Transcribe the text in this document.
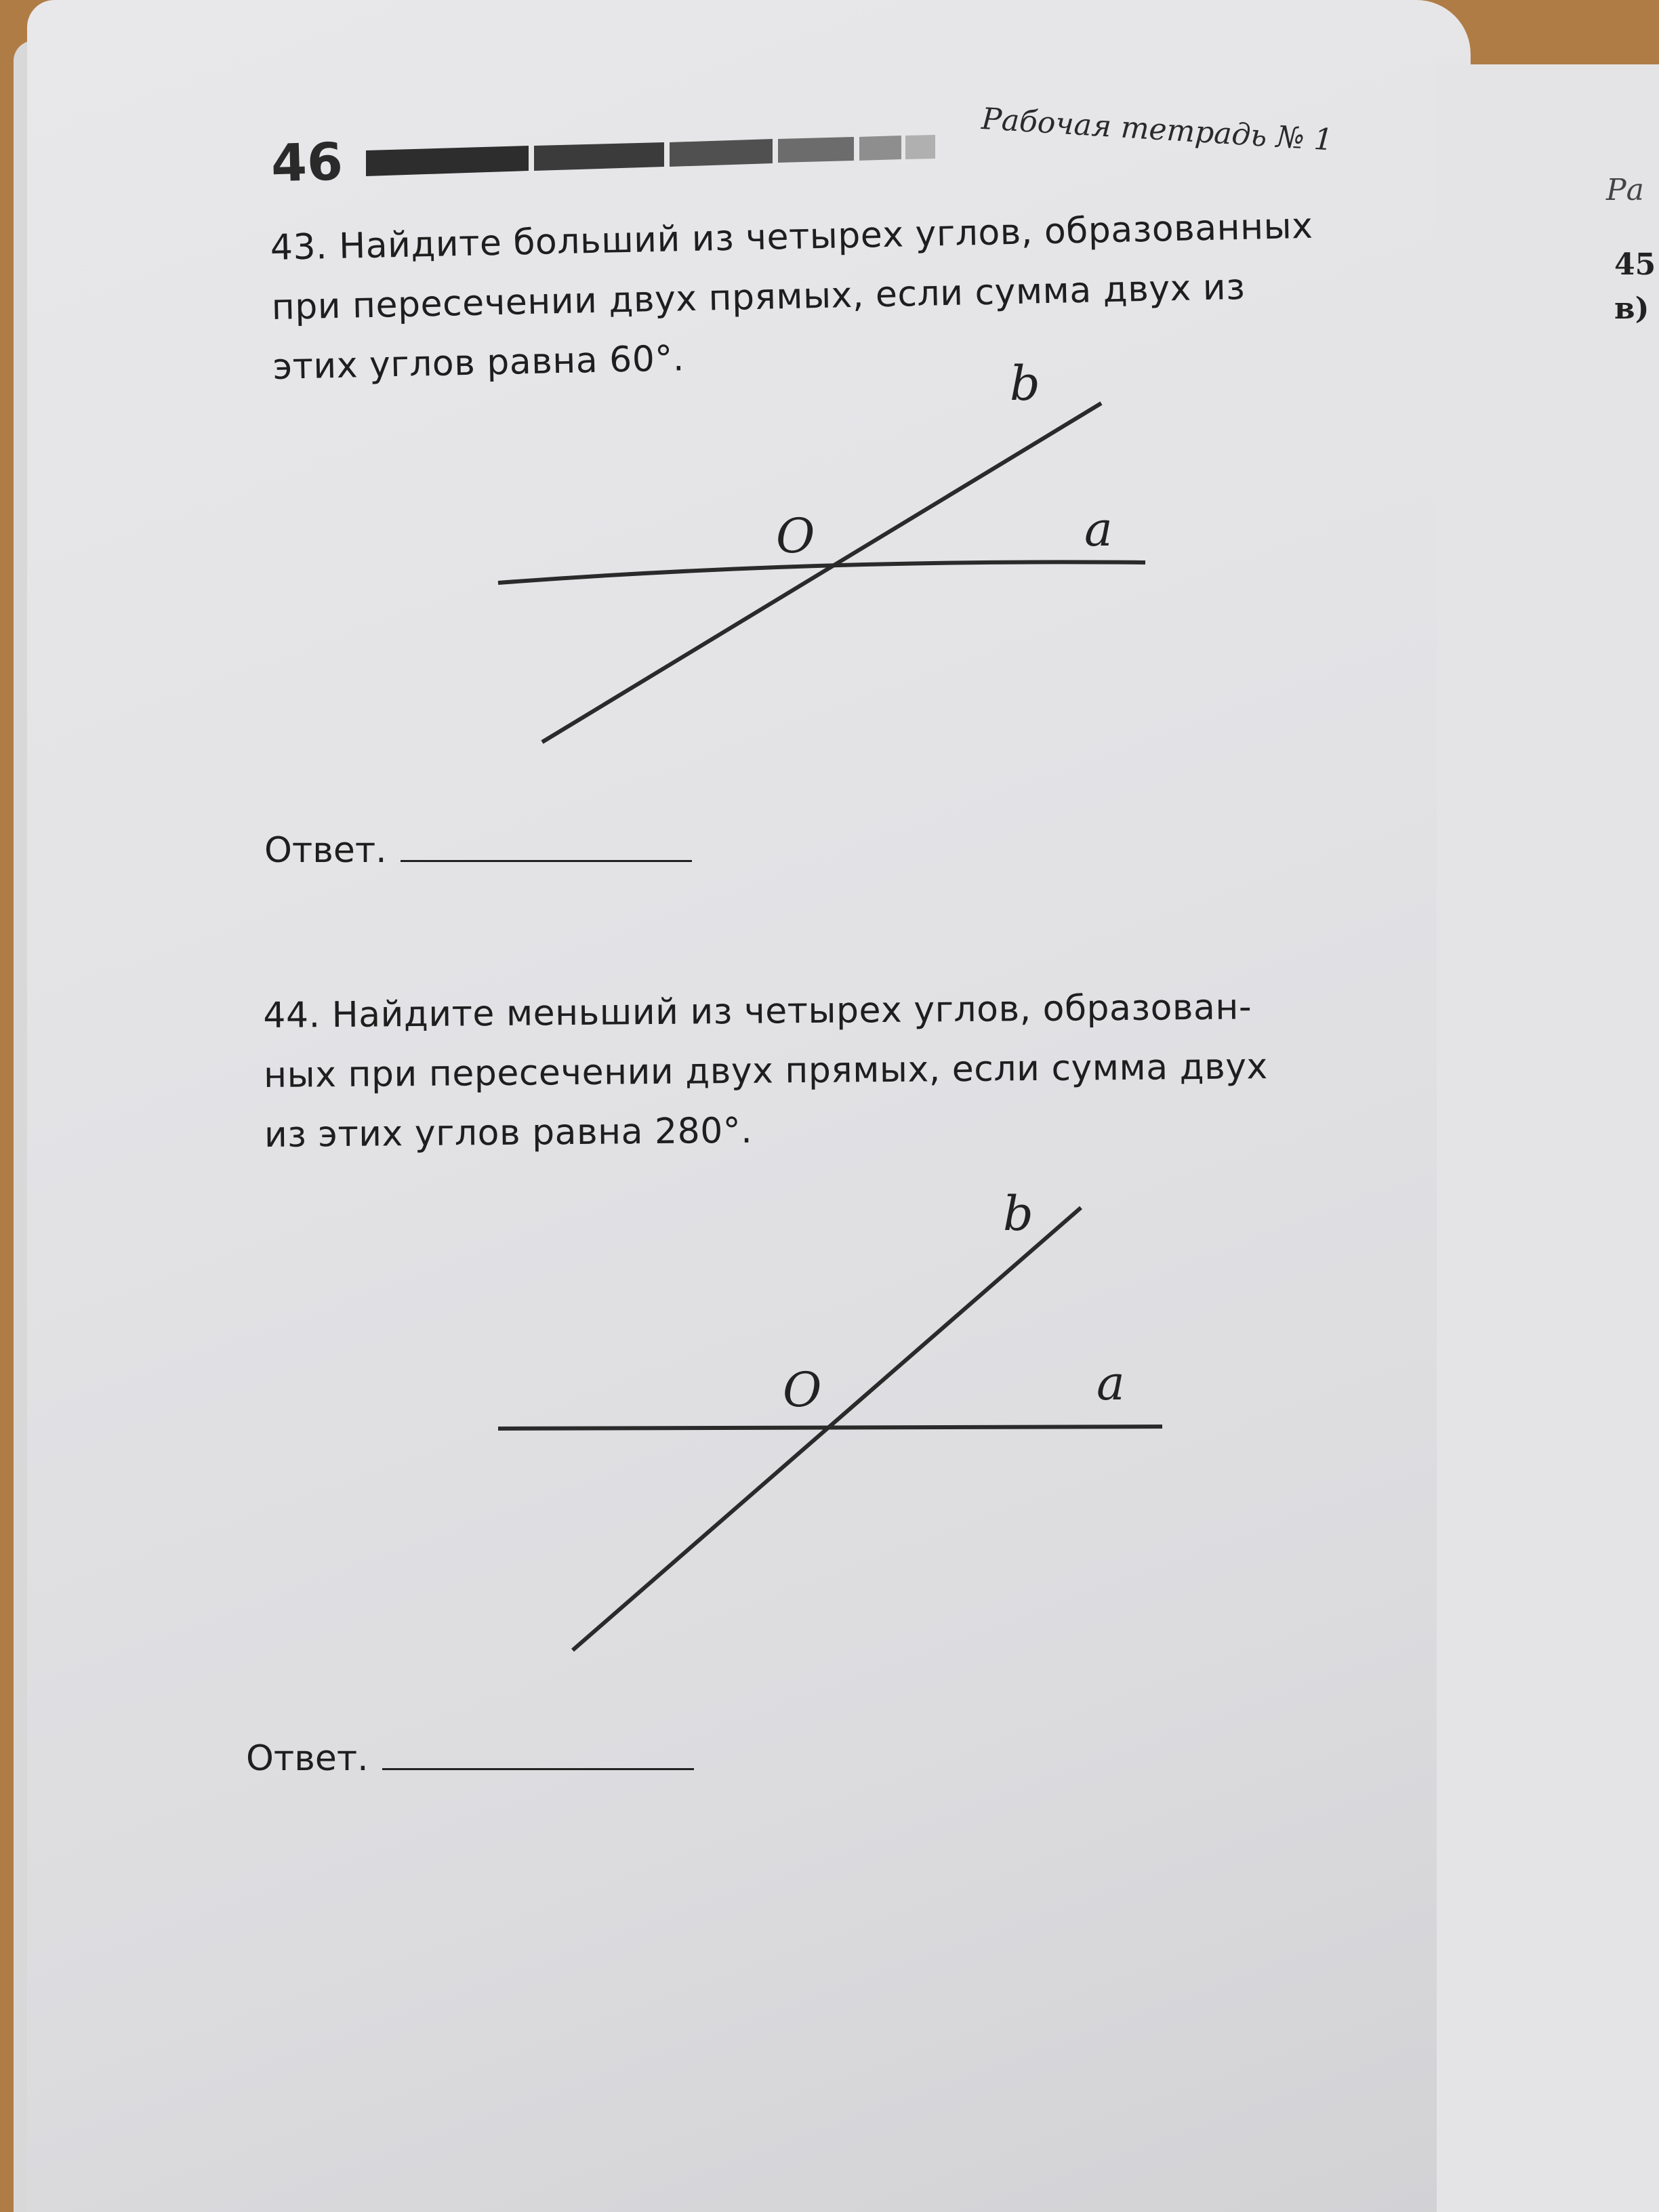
Ра
45
в)
46
Рабочая тетрадь № 1
43. Найдите больший из четырех углов, образованных
при пересечении двух прямых, если сумма двух из
этих углов равна 60°.	b
O	a
Ответ.
44. Найдите меньший из четырех углов, образован-
ных при пересечении двух прямых, если сумма двух
из этих углов равна 280°.
b
O	a
Ответ.
